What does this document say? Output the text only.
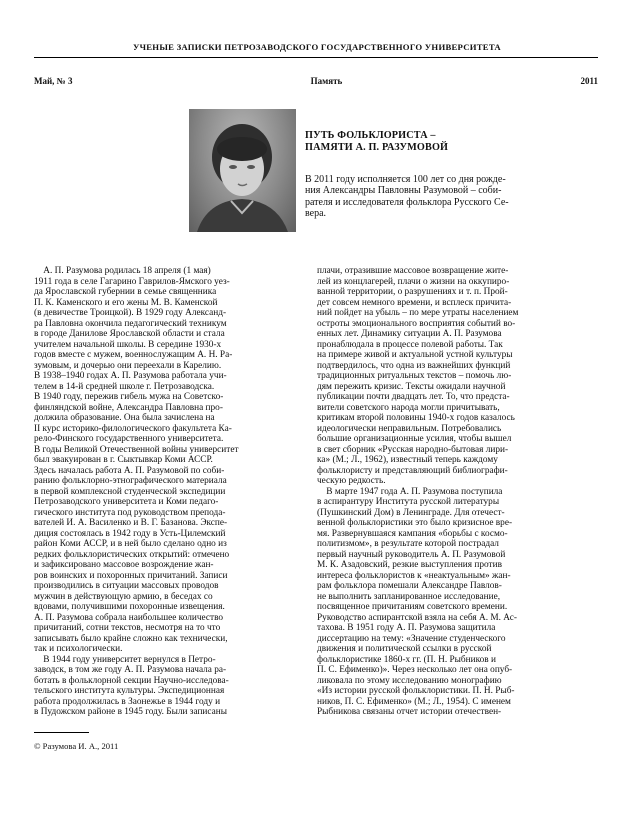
УЧЕНЫЕ ЗАПИСКИ ПЕТРОЗАВОДСКОГО ГОСУДАРСТВЕННОГО УНИВЕРСИТЕТА
Май, № 3	Память	2011
ПУТЬ ФОЛЬКЛОРИСТА –
ПАМЯТИ А. П. РАЗУМОВОЙ
В 2011 году исполняется 100 лет со дня рожде-
ния Александры Павловны Разумовой – соби-
рателя и исследователя фольклора Русского Се-
вера.
А. П. Разумова родилась 18 апреля (1 мая)
1911 года в селе Гагарино Гаврилов-Ямского уез-
да Ярославской губернии в семье священника
П. К. Каменского и его жены М. В. Каменской
(в девичестве Троицкой). В 1929 году Александ-
ра Павловна окончила педагогический техникум
в городе Данилове Ярославской области и стала
учителем начальной школы. В середине 1930-х
годов вместе с мужем, военнослужащим А. Н. Ра-
зумовым, и дочерью они переехали в Карелию.
В 1938–1940 годах А. П. Разумова работала учи-
телем в 14-й средней школе г. Петрозаводска.
В 1940 году, пережив гибель мужа на Советско-
финляндской войне, Александра Павловна про-
должила образование. Она была зачислена на
II курс историко-филологического факультета Ка-
рело-Финского государственного университета.
В годы Великой Отечественной войны университет
был эвакуирован в г. Сыктывкар Коми АССР.
Здесь началась работа А. П. Разумовой по соби-
ранию фольклорно-этнографического материала
в первой комплексной студенческой экспедиции
Петрозаводского университета и Коми педаго-
гического института под руководством препода-
вателей И. А. Василенко и В. Г. Базанова. Экспе-
диция состоялась в 1942 году в Усть-Цилемский
район Коми АССР, и в ней было сделано одно из
редких фольклористических открытий: отмечено
и зафиксировано массовое возрождение жан-
ров воинских и похоронных причитаний. Записи
производились в ситуации массовых проводов
мужчин в действующую армию, в беседах со
вдовами, получившими похоронные извещения.
А. П. Разумова собрала наибольшее количество
причитаний, сотни текстов, несмотря на то что
записывать было крайне сложно как технически,
так и психологически.
В 1944 году университет вернулся в Петро-
заводск, в том же году А. П. Разумова начала ра-
ботать в фольклорной секции Научно-исследова-
тельского института культуры. Экспедиционная
работа продолжилась в Заонежье в 1944 году и
в Пудожском районе в 1945 году. Были записаны
плачи, отразившие массовое возвращение жите-
лей из концлагерей, плачи о жизни на оккупиро-
ванной территории, о разрушениях и т. п. Прой-
дет совсем немного времени, и всплеск причита-
ний пойдет на убыль – по мере утраты населением
остроты эмоционального восприятия событий во-
енных лет. Динамику ситуации А. П. Разумова
пронаблюдала в процессе полевой работы. Так
на примере живой и актуальной устной культуры
подтвердилось, что одна из важнейших функций
традиционных ритуальных текстов – помочь лю-
дям пережить кризис. Тексты ожидали научной
публикации почти двадцать лет. То, что предста-
вители советского народа могли причитывать,
критикам второй половины 1940-х годов казалось
идеологически неправильным. Потребовались
большие организационные усилия, чтобы вышел
в свет сборник «Русская народно-бытовая лири-
ка» (М.; Л., 1962), известный теперь каждому
фольклористу и представляющий библиографи-
ческую редкость.
В марте 1947 года А. П. Разумова поступила
в аспирантуру Института русской литературы
(Пушкинский Дом) в Ленинграде. Для отечест-
венной фольклористики это было кризисное вре-
мя. Развернувшаяся кампания «борьбы с космо-
политизмом», в результате которой пострадал
первый научный руководитель А. П. Разумовой
М. К. Азадовский, резкие выступления против
интереса фольклористов к «неактуальным» жан-
рам фольклора помешали Александре Павлов-
не выполнить запланированное исследование,
посвященное причитаниям советского времени.
Руководство аспирантской взяла на себя А. М. Ас-
тахова. В 1951 году А. П. Разумова защитила
диссертацию на тему: «Значение студенческого
движения и политической ссылки в русской
фольклористике 1860-х гг. (П. Н. Рыбников и
П. С. Ефименко)». Через несколько лет она опуб-
ликовала по этому исследованию монографию
«Из истории русской фольклористики. П. Н. Рыб-
ников, П. С. Ефименко» (М.; Л., 1954). С именем
Рыбникова связаны отчет истории отечествен-
© Разумова И. А., 2011
